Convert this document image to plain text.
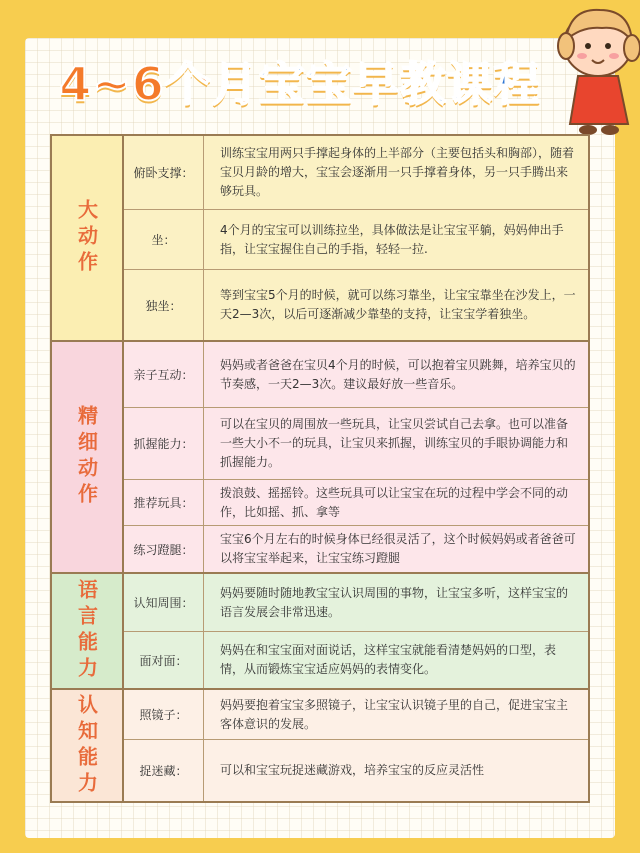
4~6个月宝宝早教课程
大动作
俯卧支撑：
训练宝宝用两只手撑起身体的上半部分（主要包括头和胸部），随着宝贝月龄的增大，宝宝会逐渐用一只手撑着身体，另一只手腾出来够玩具。
坐：
4个月的宝宝可以训练拉坐，具体做法是让宝宝平躺，妈妈伸出手指，让宝宝握住自己的手指，轻轻一拉.
独坐：
等到宝宝5个月的时候，就可以练习靠坐，让宝宝靠坐在沙发上，一天2—3次，以后可逐渐减少靠垫的支持，让宝宝学着独坐。
精细动作
亲子互动：
妈妈或者爸爸在宝贝4个月的时候，可以抱着宝贝跳舞，培养宝贝的节奏感，一天2—3次。建议最好放一些音乐。
抓握能力：
可以在宝贝的周围放一些玩具，让宝贝尝试自己去拿。也可以准备一些大小不一的玩具，让宝贝来抓握，训练宝贝的手眼协调能力和抓握能力。
推荐玩具：
拨浪鼓、摇摇铃。这些玩具可以让宝宝在玩的过程中学会不同的动作，比如摇、抓、拿等
练习蹬腿：
宝宝6个月左右的时候身体已经很灵活了，这个时候妈妈或者爸爸可以将宝宝举起来，让宝宝练习蹬腿
语言能力	认知周围：
妈妈要随时随地教宝宝认识周围的事物，让宝宝多听，这样宝宝的语言发展会非常迅速。
面对面：
妈妈在和宝宝面对面说话，这样宝宝就能看清楚妈妈的口型，表情，从而锻炼宝宝适应妈妈的表情变化。
认知能力	照镜子：
妈妈要抱着宝宝多照镜子，让宝宝认识镜子里的自己，促进宝宝主客体意识的发展。
捉迷藏：	可以和宝宝玩捉迷藏游戏，培养宝宝的反应灵活性
